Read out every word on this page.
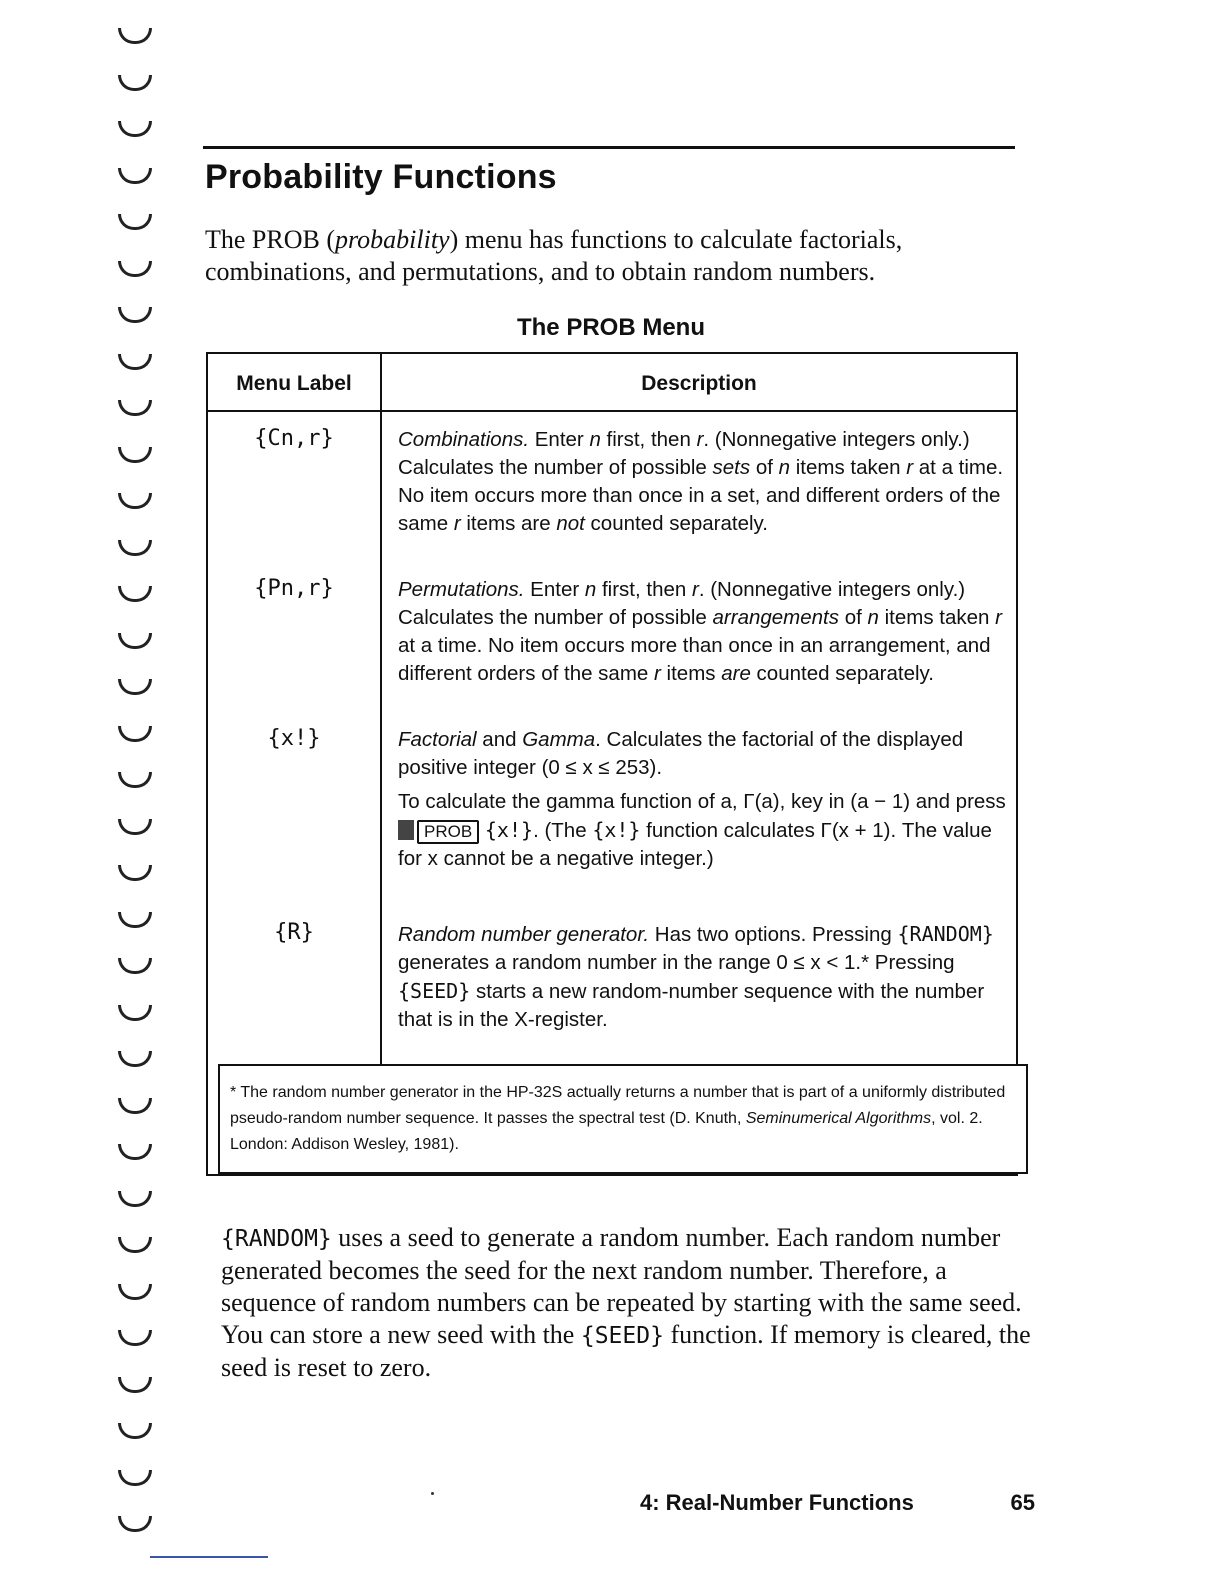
Probability Functions

The PROB (probability) menu has functions to calculate factorials, combinations, and permutations, and to obtain random numbers.

The PROB Menu
Menu Label	Description
{Cn,r}	Combinations. Enter n first, then r. (Nonnegative integers only.) Calculates the number of possible sets of n items taken r at a time. No item occurs more than once in a set, and different orders of the same r items are not counted separately.
{Pn,r}	Permutations. Enter n first, then r. (Nonnegative integers only.) Calculates the number of possible arrangements of n items taken r at a time. No item occurs more than once in an arrangement, and different orders of the same r items are counted separately.
{x!}	Factorial and Gamma. Calculates the factorial of the displayed positive integer (0 ≤ x ≤ 253).

To calculate the gamma function of a, Γ(a), key in (a − 1) and press PROB {x!}. (The {x!} function calculates Γ(x + 1). The value for x cannot be a negative integer.)

{R}	Random number generator. Has two options. Pressing {RANDOM} generates a random number in the range 0 ≤ x < 1.* Pressing {SEED} starts a new random-number sequence with the number that is in the X-register.
* The random number generator in the HP-32S actually returns a number that is part of a uniformly distributed pseudo-random number sequence. It passes the spectral test (D. Knuth, Seminumerical Algorithms, vol. 2. London: Addison Wesley, 1981).

{RANDOM} uses a seed to generate a random number. Each random number generated becomes the seed for the next random number. Therefore, a sequence of random numbers can be repeated by starting with the same seed. You can store a new seed with the {SEED} function. If memory is cleared, the seed is reset to zero.

4: Real-Number Functions	65
